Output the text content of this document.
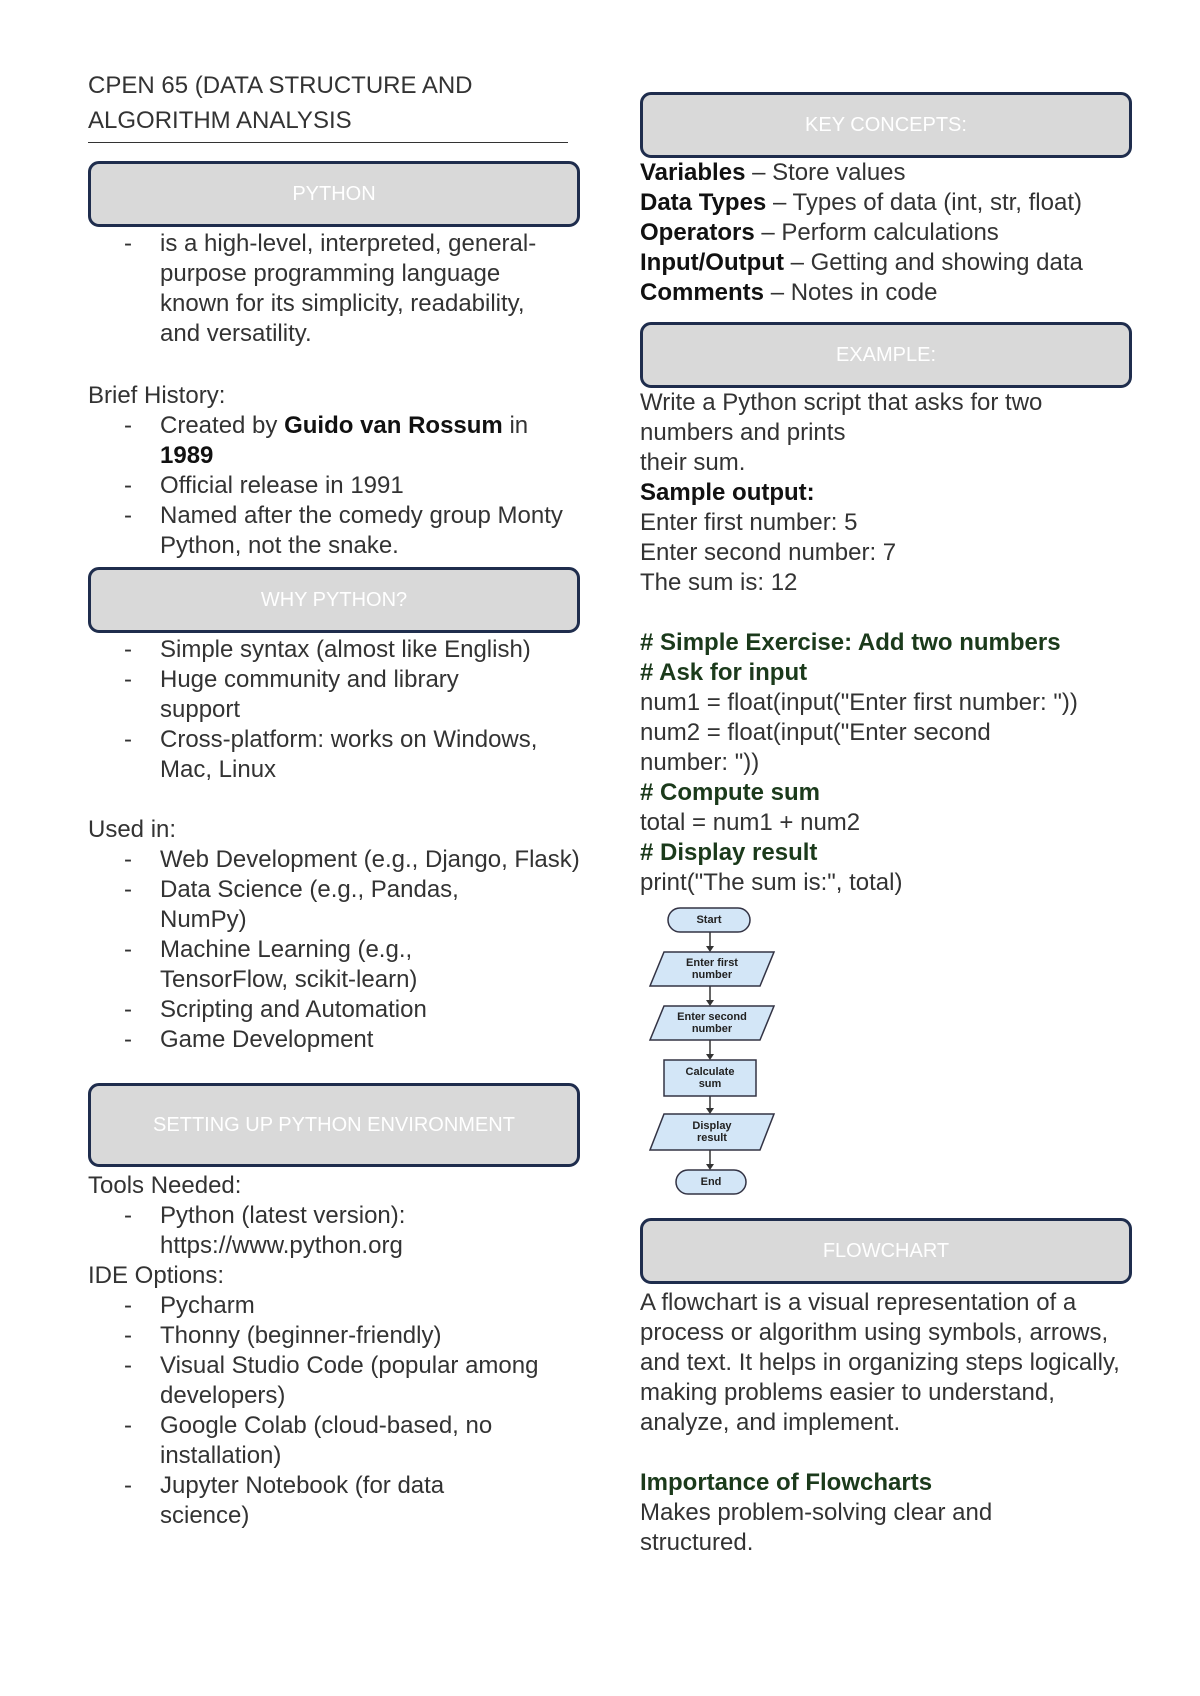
CPEN 65 (DATA STRUCTURE AND
ALGORITHM ANALYSIS
PYTHON
- is a high-level, interpreted, general-purpose programming language known for its simplicity, readability, and versatility.
Brief History:
- Created by Guido van Rossum in 1989
- Official release in 1991
- Named after the comedy group Monty Python, not the snake.
WHY PYTHON?
- Simple syntax (almost like English)
- Huge community and library support
- Cross-platform: works on Windows, Mac, Linux
Used in:
- Web Development (e.g., Django, Flask)
- Data Science (e.g., Pandas, NumPy)
- Machine Learning (e.g., TensorFlow, scikit-learn)
- Scripting and Automation
- Game Development
SETTING UP PYTHON ENVIRONMENT
Tools Needed:
- Python (latest version): https://www.python.org
IDE Options:
- Pycharm
- Thonny (beginner-friendly)
- Visual Studio Code (popular among developers)
- Google Colab (cloud-based, no installation)
- Jupyter Notebook (for data science)
KEY CONCEPTS:
Variables – Store values
Data Types – Types of data (int, str, float)
Operators – Perform calculations
Input/Output – Getting and showing data
Comments – Notes in code
EXAMPLE:
Write a Python script that asks for two numbers and prints
their sum.
Sample output:
Enter first number: 5
Enter second number: 7
The sum is: 12
# Simple Exercise: Add two numbers
# Ask for input
num1 = float(input("Enter first number: "))
num2 = float(input("Enter second number: "))
# Compute sum
total = num1 + num2
# Display result
print("The sum is:", total)
Start
Enter first number
Enter second number
Calculate sum
Display result
End
FLOWCHART
A flowchart is a visual representation of a process or algorithm using symbols, arrows, and text. It helps in organizing steps logically, making problems easier to understand, analyze, and implement.
Importance of Flowcharts
Makes problem-solving clear and structured.
